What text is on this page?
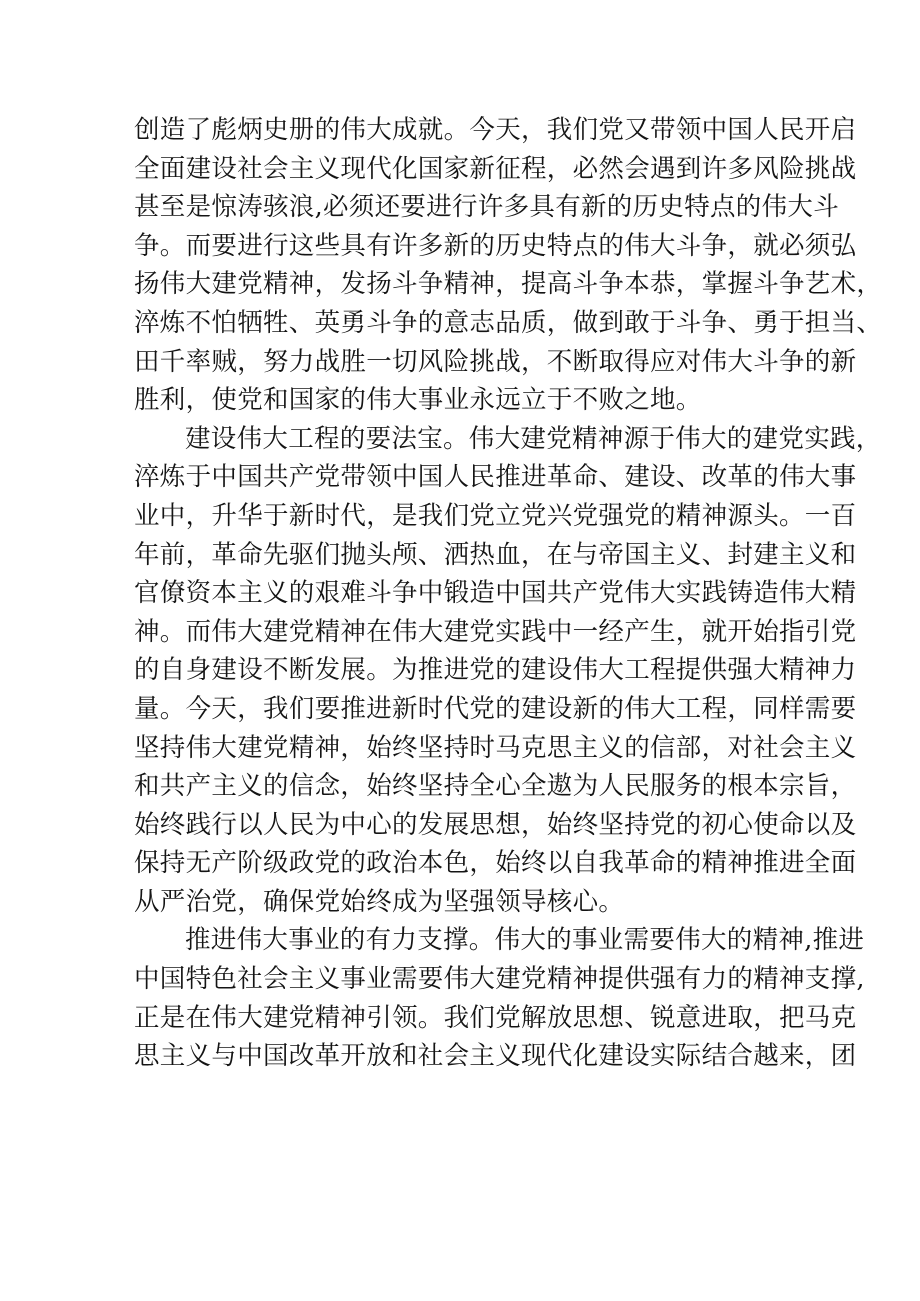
创造了彪炳史册的伟大成就。今天，我们党又带领中国人民开启
全面建设社会主义现代化国家新征程，必然会遇到许多风险挑战
甚至是惊涛骇浪,必须还要进行许多具有新的历史特点的伟大斗
争。而要进行这些具有许多新的历史特点的伟大斗争，就必须弘
扬伟大建党精神，发扬斗争精神，提高斗争本恭，掌握斗争艺术，
淬炼不怕牺牲、英勇斗争的意志品质，做到敢于斗争、勇于担当、
田千率贼，努力战胜一切风险挑战，不断取得应对伟大斗争的新
胜利，使党和国家的伟大事业永远立于不败之地。
建设伟大工程的要法宝。伟大建党精神源于伟大的建党实践，
淬炼于中国共产党带领中国人民推进革命、建设、改革的伟大事
业中，升华于新时代，是我们党立党兴党强党的精神源头。一百
年前，革命先驱们抛头颅、洒热血，在与帝国主义、封建主义和
官僚资本主义的艰难斗争中锻造中国共产党伟大实践铸造伟大精
神。而伟大建党精神在伟大建党实践中一经产生，就开始指引党
的自身建设不断发展。为推进党的建设伟大工程提供强大精神力
量。今天，我们要推进新时代党的建设新的伟大工程，同样需要
坚持伟大建党精神，始终坚持时马克思主义的信部，对社会主义
和共产主义的信念，始终坚持全心全遨为人民服务的根本宗旨，
始终践行以人民为中心的发展思想，始终坚持党的初心使命以及
保持无产阶级政党的政治本色，始终以自我革命的精神推进全面
从严治党，确保党始终成为坚强领导核心。
推进伟大事业的有力支撑。伟大的事业需要伟大的精神,推进
中国特色社会主义事业需要伟大建党精神提供强有力的精神支撑,
正是在伟大建党精神引领。我们党解放思想、锐意进取，把马克
思主义与中国改革开放和社会主义现代化建设实际结合越来，团
